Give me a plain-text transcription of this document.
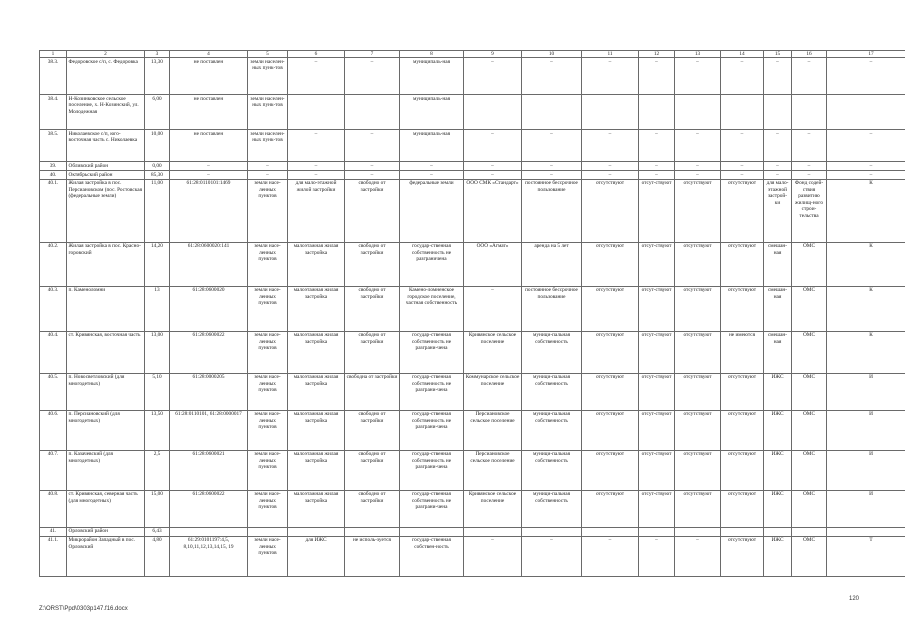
1	2	3	4	5	6	7	8	9	10	11	12	13	14	15	16	17
38.3.	Федоровское с/п, с. Федоровка	13,30	не поставлен	земли населен-ных пунк-тов	–	–	муниципаль-ная	–	–	–	–	–	–	–	–	–
38.4.	Н-Козинковское сельское поселение, х. Н-Козинский, ул. Молодежная	6,00	не поставлен	земли населен-ных пунк-тов			муниципаль-ная									
38.5.	Николаевское с/п, юго-восточная часть с. Николаевка	10,00	не поставлен	земли населен-ных пунк-тов	–	–	муниципаль-ная	–	–	–	–	–	–	–	–	–
39.	Обливский район	0,00	–	–	–	–	–	–	–	–	–	–	–	–	–	–
40.	Октябрьский район	85,30	–	–	–	–	–	–	–	–	–	–	–	–	–	–
40.1.	Жилая застройка в пос. Персиановском (пос. Ростовская (федеральные земли)	11,00	61:28:0110101:1469	земли насе-ленных пунктов	для мало-этажной жилой застройки	свободно от застройки	федеральные земли	ООО СМК «Стандарт»	постоянное бессрочное пользование	отсутствуют	отсут-ствуют	отсутствуют	отсутствуют	для мало-этажной застрой-ки	Фонд содей-ствия развитию жилищ-ного строи-тельства	К
40.2.	Жилая застройка в пос. Красно-горовский	14,20	61:28:0600020:141	земли насе-ленных пунктов	малоэтажная жилая застройка	свободно от застройки	государ-ственная собственность не разграничена	ООО «Агмат»	аренда на 5 лет	отсутствуют	отсут-ствуют	отсутствуют	отсутствуют	смешан-ная	ОМС	К
40.3.	п. Каменоломни	13	61:28:0600020	земли насе-ленных пунктов	малоэтажная жилая застройка	свободно от застройки	Камено-ломненское городское поселение, частная собственность	–	постоянное бессрочное пользование	отсутствуют	отсут-ствуют	отсутствуют	отсутствуют	смешан-ная	ОМС	К
40.4.	ст. Кривянская, восточная часть	13,00	61:28:0600022	земли насе-ленных пунктов	малоэтажная жилая застройка	свободно от застройки	государ-ственная собственность не разграни-чена	Кривянское сельское поселение	муници-пальная собственность	отсутствуют	отсут-ствуют	отсутствуют	не имеются	смешан-ная	ОМС	К
40.5.	п. Новосветловский (для многодетных)	5,10	61:28:0000205	земли насе-ленных пунктов	малоэтажная жилая застройка	свободна от застройки	государ-ственная собственность не разграни-чена	Коммунарское сельское поселение	муници-пальная собственность	отсутствуют	отсут-ствуют	отсутствуют	отсутствуют	ИЖС	ОМС	И
40.6.	п. Персиановский (для многодетных)	13,50	61:28:0110101, 61:28:0000017	земли насе-ленных пунктов	малоэтажная жилая застройка	свободно от застройки	государ-ственная собственность не разграни-чена	Персиановское сельское поселение	муници-пальная собственность	отсутствуют	отсут-ствуют	отсутствуют	отсутствуют	ИЖС	ОМС	И
40.7.	п. Казачевский (для многодетных)	2,5	61:28:0600021	земли насе-ленных пунктов	малоэтажная жилая застройка	свободно от застройки	государ-ственная собственность не разграни-чена	Персиановское сельское поселение	муници-пальная собственность	отсутствуют	отсут-ствуют	отсутствуют	отсутствуют	ИЖС	ОМС	И
40.8.	ст. Кривянская, северная часть (для многодетных)	15,00	61:28:0600022	земли насе-ленных пунктов	малоэтажная жилая застройка	свободно от застройки	государ-ственная собственность не разграни-чена	Кривянское сельское поселение	муници-пальная собственность	отсутствуют	отсут-ствуют	отсутствуют	отсутствуют	ИЖС	ОМС	И
41.	Орловский район	6,43														
41.1.	Микрорайон Западный в пос. Орловский	4,80	61:29:0101197:4,5, 8,10,11,12,13,14,15, 19	земли насе-ленных пунктов	для ИЖС	не исполь-зуется	государ-ственная собствен-ность	–	–	–	–	–	отсутствуют	ИЖС	ОМС	Т
Z:\ORST\Ppd\0303p147.f16.docx
120
